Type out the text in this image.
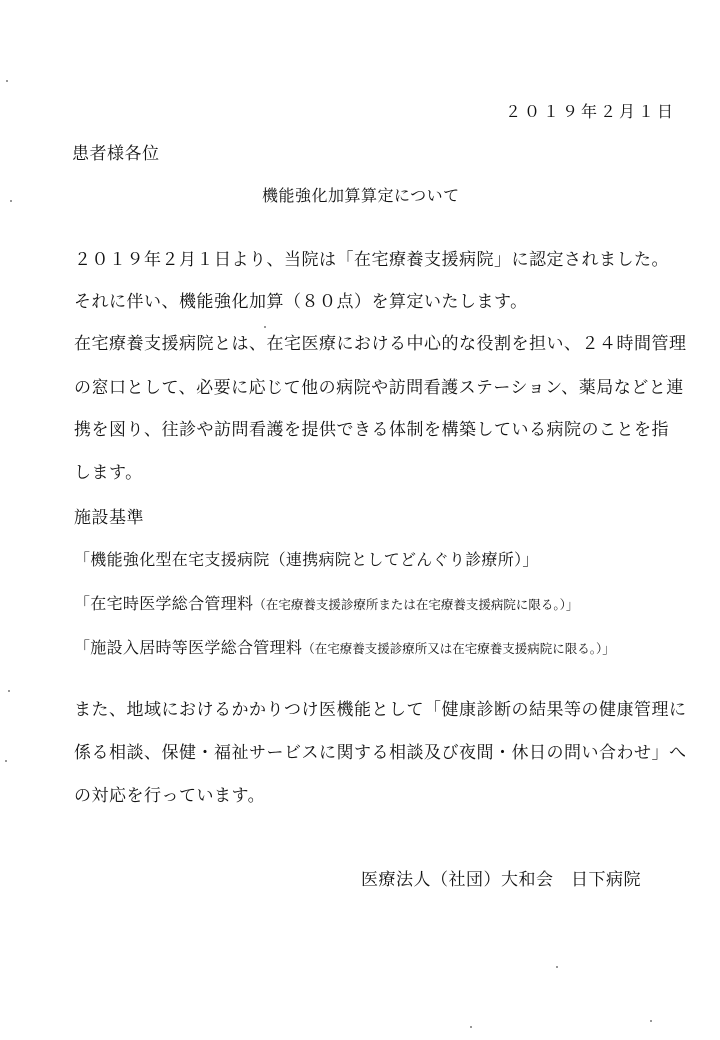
２０１９年２月１日
患者様各位
機能強化加算算定について
２０１９年２月１日より、当院は「在宅療養支援病院」に認定されました。
それに伴い、機能強化加算（８０点）を算定いたします。
在宅療養支援病院とは、在宅医療における中心的な役割を担い、２４時間管理
の窓口として、必要に応じて他の病院や訪問看護ステーション、薬局などと連
携を図り、往診や訪問看護を提供できる体制を構築している病院のことを指
します。
施設基準
「機能強化型在宅支援病院（連携病院としてどんぐり診療所）」
「在宅時医学総合管理料（在宅療養支援診療所または在宅療養支援病院に限る。）」
「施設入居時等医学総合管理料（在宅療養支援診療所又は在宅療養支援病院に限る。）」
また、地域におけるかかりつけ医機能として「健康診断の結果等の健康管理に
係る相談、保健・福祉サービスに関する相談及び夜間・休日の問い合わせ」へ
の対応を行っています。
医療法人（社団）大和会　日下病院
